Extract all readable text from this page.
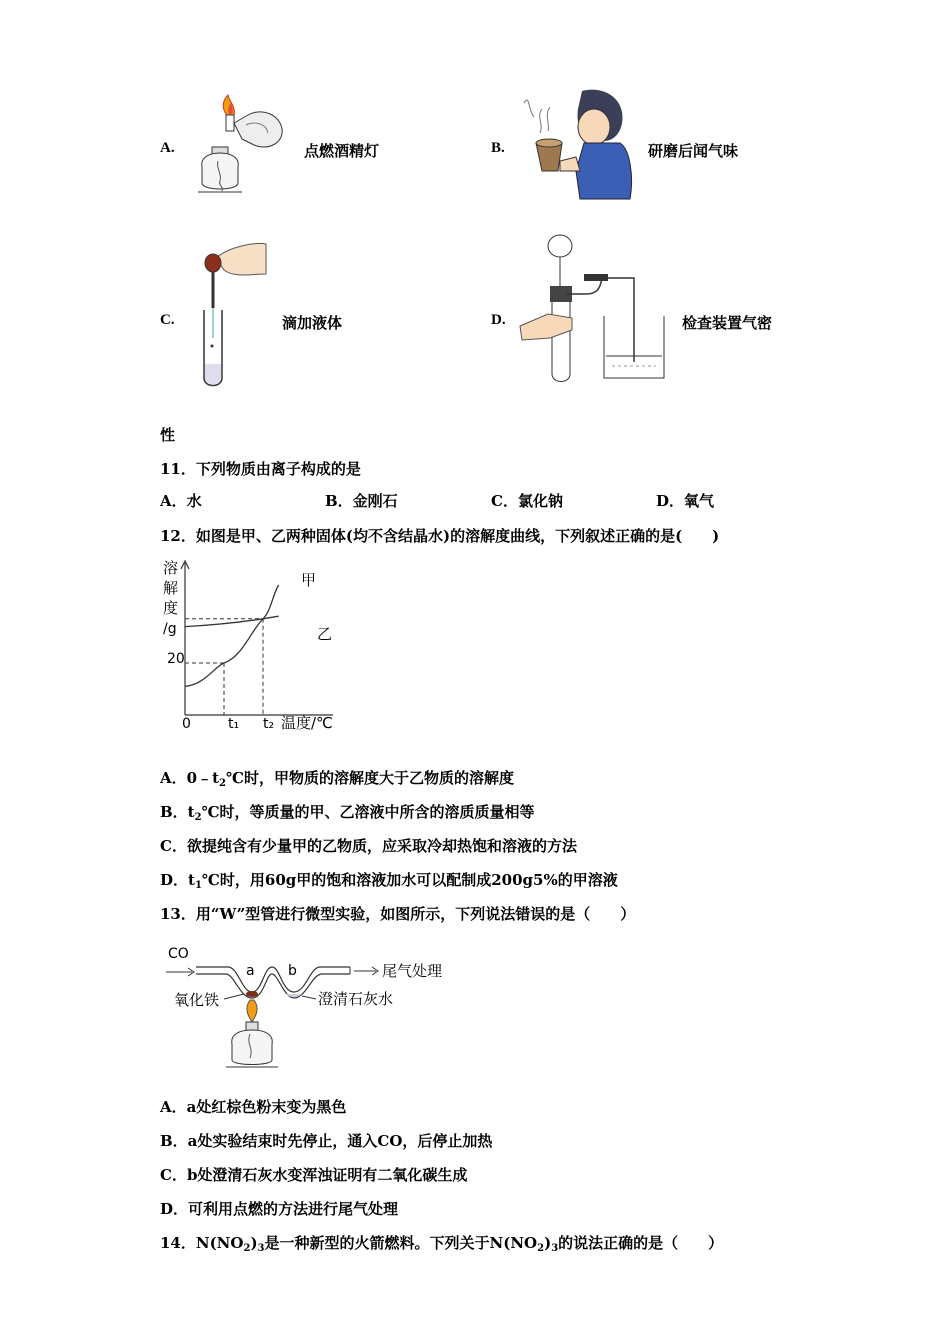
A.	点燃酒精灯	B.	研磨后闻气味
C.	滴加液体	D.	检查装置气密
性
11．下列物质由离子构成的是
A．水	B．金刚石	C．氯化钠	D．氧气
12．如图是甲、乙两种固体(均不含结晶水)的溶解度曲线，下列叙述正确的是(　　)
溶
解
度
/g
20
0	t₁ t₂ 温度/℃
甲
乙
A．$0﹣t_2℃$时，甲物质的溶解度大于乙物质的溶解度
B．$t_2℃$时，等质量的甲、乙溶液中所含的溶质质量相等
C．欲提纯含有少量甲的乙物质，应采取冷却热饱和溶液的方法
D．$t_1℃$时，用60g甲的饱和溶液加水可以配制成200g5%的甲溶液
13．用“W”型管进行微型实验，如图所示，下列说法错误的是（　　）
CO
a b	尾气处理
氧化铁	澄清石灰水
A．a处红棕色粉末变为黑色
B．a处实验结束时先停止，通入CO，后停止加热
C．b处澄清石灰水变浑浊证明有二氧化碳生成
D．可利用点燃的方法进行尾气处理
14．$N(NO_2)_3$是一种新型的火箭燃料。下列关于$N(NO_2)_3$的说法正确的是（　　）
